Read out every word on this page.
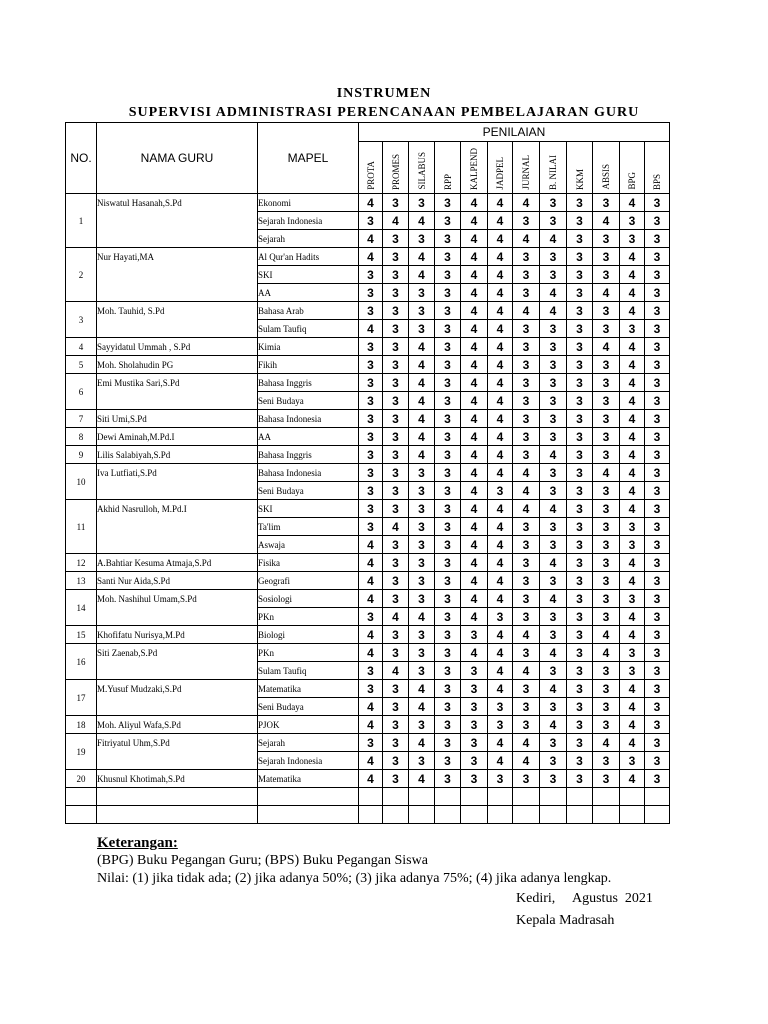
INSTRUMEN
SUPERVISI ADMINISTRASI PERENCANAAN PEMBELAJARAN GURU
NO.	NAMA GURU	MAPEL	PENILAIAN											

			PROTA	PROMES	SILABUS	RPP	KALPEND	JADPEL	JURNAL	B. NILAI	KKM	ABSIS	BPG	BPS

1	Niswatul Hasanah,S.Pd	Ekonomi	4	3	3	3	4	4	4	3	3	3	4	3
		Sejarah Indonesia	3	4	4	3	4	4	3	3	3	4	3	3
		Sejarah	4	3	3	3	4	4	4	4	3	3	3	3
2	Nur Hayati,MA	Al Qur'an Hadits	4	3	4	3	4	4	3	3	3	3	4	3
		SKI	3	3	4	3	4	4	3	3	3	3	4	3
		AA	3	3	3	3	4	4	3	4	3	4	4	3
3	Moh. Tauhid, S.Pd	Bahasa Arab	3	3	3	3	4	4	4	4	3	3	4	3
		Sulam Taufiq	4	3	3	3	4	4	3	3	3	3	3	3
4	Sayyidatul Ummah , S.Pd	Kimia	3	3	4	3	4	4	3	3	3	4	4	3
5	Moh. Sholahudin PG	Fikih	3	3	4	3	4	4	3	3	3	3	4	3
6	Emi Mustika Sari,S.Pd	Bahasa Inggris	3	3	4	3	4	4	3	3	3	3	4	3
		Seni Budaya	3	3	4	3	4	4	3	3	3	3	4	3
7	Siti Umi,S.Pd	Bahasa Indonesia	3	3	4	3	4	4	3	3	3	3	4	3
8	Dewi Aminah,M.Pd.I	AA	3	3	4	3	4	4	3	3	3	3	4	3
9	Lilis Salabiyah,S.Pd	Bahasa Inggris	3	3	4	3	4	4	3	4	3	3	4	3
10	Iva Lutfiati,S.Pd	Bahasa Indonesia	3	3	3	3	4	4	4	3	3	4	4	3
		Seni Budaya	3	3	3	3	4	3	4	3	3	3	4	3
11	Akhid Nasrulloh, M.Pd.I	SKI	3	3	3	3	4	4	4	4	3	3	4	3
		Ta'lim	3	4	3	3	4	4	3	3	3	3	3	3
		Aswaja	4	3	3	3	4	4	3	3	3	3	3	3
12	A.Bahtiar Kesuma Atmaja,S.Pd	Fisika	4	3	3	3	4	4	3	4	3	3	4	3
13	Santi Nur Aida,S.Pd	Geografi	4	3	3	3	4	4	3	3	3	3	4	3
14	Moh. Nashihul Umam,S.Pd	Sosiologi	4	3	3	3	4	4	3	4	3	3	3	3
		PKn	3	4	4	3	4	3	3	3	3	3	4	3
15	Khofifatu Nurisya,M.Pd	Biologi	4	3	3	3	3	4	4	3	3	4	4	3
16	Siti Zaenab,S.Pd	PKn	4	3	3	3	4	4	3	4	3	4	3	3
		Sulam Taufiq	3	4	3	3	3	4	4	3	3	3	3	3
17	M.Yusuf Mudzaki,S.Pd	Matematika	3	3	4	3	3	4	3	4	3	3	4	3
		Seni Budaya	4	3	4	3	3	3	3	3	3	3	4	3
18	Moh. Aliyul Wafa,S.Pd	PJOK	4	3	3	3	3	3	3	4	3	3	4	3
19	Fitriyatul Uhm,S.Pd	Sejarah	3	3	4	3	3	4	4	3	3	4	4	3
		Sejarah Indonesia	4	3	3	3	3	4	4	3	3	3	3	3
20	Khusnul Khotimah,S.Pd	Matematika	4	3	4	3	3	3	3	3	3	3	4	3

Keterangan:
(BPG) Buku Pegangan Guru; (BPS) Buku Pegangan Siswa
Nilai: (1) jika tidak ada; (2) jika adanya 50%; (3) jika adanya 75%; (4) jika adanya lengkap.
Kediri,     Agustus  2021
Kepala Madrasah
